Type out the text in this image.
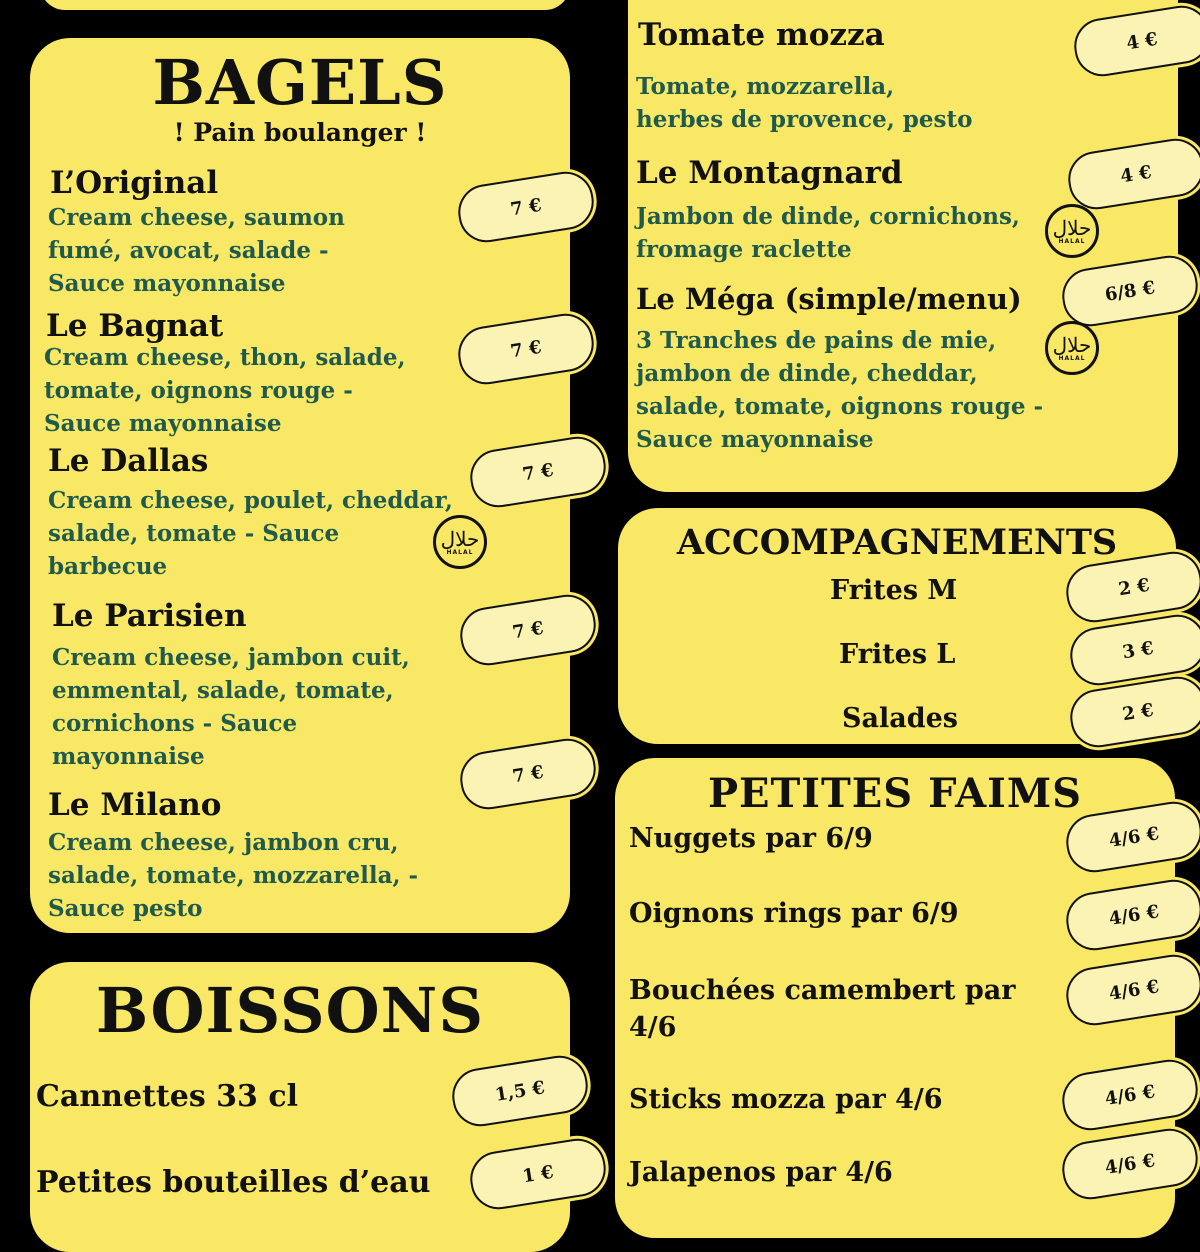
BAGELS
! Pain boulanger !
L’Original
Cream cheese, saumon
fumé, avocat, salade -
Sauce mayonnaise
Le Bagnat
Cream cheese, thon, salade,
tomate, oignons rouge -
Sauce mayonnaise
Le Dallas
Cream cheese, poulet, cheddar,
salade, tomate - Sauce
barbecue
Le Parisien
Cream cheese, jambon cuit,
emmental, salade, tomate,
cornichons - Sauce
mayonnaise
Le Milano
Cream cheese, jambon cru,
salade, tomate, mozzarella, -
Sauce pesto
7 €
7 €
7 €
7 €
7 €
حلال
HALAL
BOISSONS
Cannettes 33 cl
Petites bouteilles d’eau
1,5 €
1 €
Tomate mozza
Tomate, mozzarella,
herbes de provence, pesto
Le Montagnard
Jambon de dinde, cornichons,
fromage raclette
Le Méga (simple/menu)
3 Tranches de pains de mie,
jambon de dinde, cheddar,
salade, tomate, oignons rouge -
Sauce mayonnaise
4 €
4 €
6/8 €
حلال
HALAL
حلال
HALAL
ACCOMPAGNEMENTS
Frites M
Frites L
Salades
2 €
3 €
2 €
PETITES FAIMS
Nuggets par 6/9
Oignons rings par 6/9
Bouchées camembert par
4/6
Sticks mozza par 4/6
Jalapenos par 4/6
4/6 €
4/6 €
4/6 €
4/6 €
4/6 €
